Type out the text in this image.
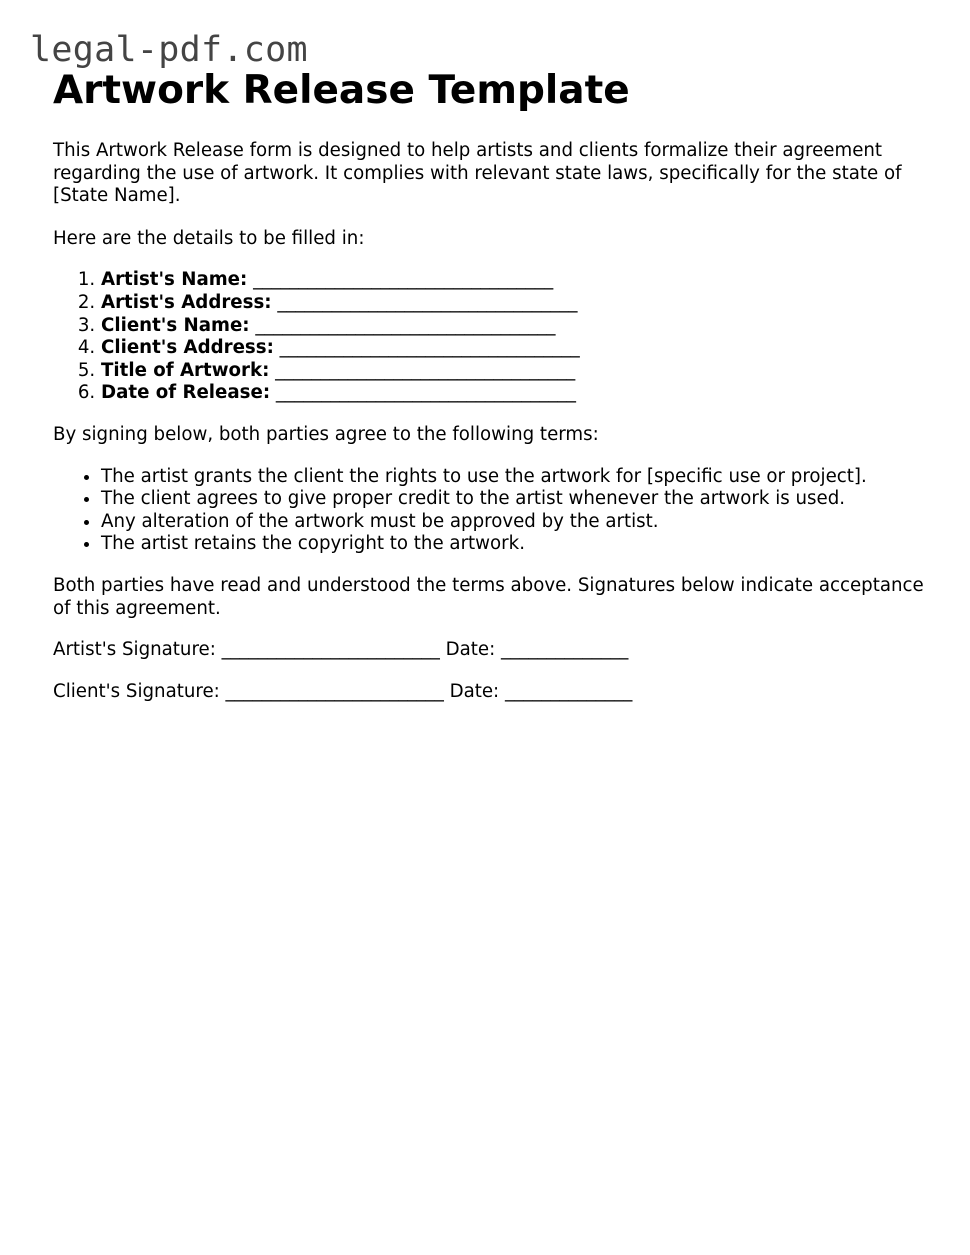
legal-pdf.com
Artwork Release Template

This Artwork Release form is designed to help artists and clients formalize their agreement regarding the use of artwork. It complies with relevant state laws, specifically for the state of [State Name].

Here are the details to be filled in:

1. Artist's Name: _________________________________
2. Artist's Address: _________________________________
3. Client's Name: _________________________________
4. Client's Address: _________________________________
5. Title of Artwork: _________________________________
6. Date of Release: _________________________________

By signing below, both parties agree to the following terms:

• The artist grants the client the rights to use the artwork for [specific use or project].
• The client agrees to give proper credit to the artist whenever the artwork is used.
• Any alteration of the artwork must be approved by the artist.
• The artist retains the copyright to the artwork.

Both parties have read and understood the terms above. Signatures below indicate acceptance of this agreement.

Artist's Signature: ________________________ Date: ______________

Client's Signature: ________________________ Date: ______________
